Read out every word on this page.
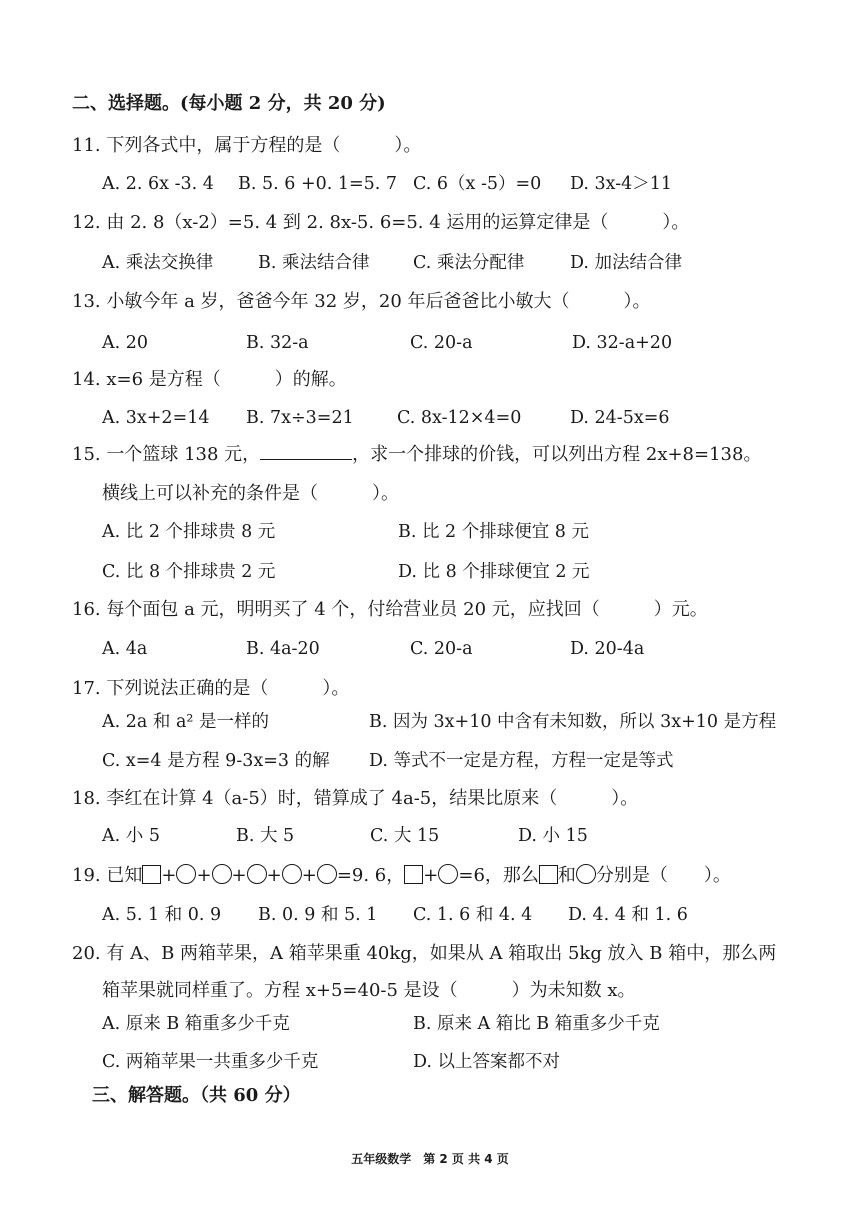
二、选择题。(每小题 2 分，共 20 分)
11. 下列各式中，属于方程的是（　　　）。
A. 2. 6x -3. 4 B. 5. 6 +0. 1=5. 7 C. 6（x -5）=0 D. 3x-4＞11
12. 由 2. 8（x-2）=5. 4 到 2. 8x-5. 6=5. 4 运用的运算定律是（　　　）。
A. 乘法交换律	B. 乘法结合律 C. 乘法分配律	D. 加法结合律
13. 小敏今年 a 岁，爸爸今年 32 岁，20 年后爸爸比小敏大（　　　）。
A. 20	B. 32-a	C. 20-a	D. 32-a+20
14. x=6 是方程（　　　）的解。
A. 3x+2=14 B. 7x÷3=21 C. 8x-12×4=0	D. 24-5x=6
15. 一个篮球 138 元，	，求一个排球的价钱，可以列出方程 2x+8=138。
横线上可以补充的条件是（　　　）。
A. 比 2 个排球贵 8 元	B. 比 2 个排球便宜 8 元
C. 比 8 个排球贵 2 元	D. 比 8 个排球便宜 2 元
16. 每个面包 a 元，明明买了 4 个，付给营业员 20 元，应找回（　　　）元。
A. 4a	B. 4a-20	C. 20-a	D. 20-4a
17. 下列说法正确的是（　　　）。
A. 2a 和 a² 是一样的	B. 因为 3x+10 中含有未知数，所以 3x+10 是方程
C. x=4 是方程 9-3x=3 的解 D. 等式不一定是方程，方程一定是等式
18. 李红在计算 4（a-5）时，错算成了 4a-5，结果比原来（　　　）。
A. 小 5	B. 大 5	C. 大 15	D. 小 15
19. 已知 + + + + + =9. 6， + =6，那么 和 分别是（　　）。
A. 5. 1 和 0. 9 B. 0. 9 和 5. 1 C. 1. 6 和 4. 4 D. 4. 4 和 1. 6
20. 有 A、B 两箱苹果，A 箱苹果重 40kg，如果从 A 箱取出 5kg 放入 B 箱中，那么两
箱苹果就同样重了。方程 x+5=40-5 是设（　　　）为未知数 x。
A. 原来 B 箱重多少千克	B. 原来 A 箱比 B 箱重多少千克
C. 两箱苹果一共重多少千克	D. 以上答案都不对
三、解答题。（共 60 分）
五年级数学　第 2 页 共 4 页
